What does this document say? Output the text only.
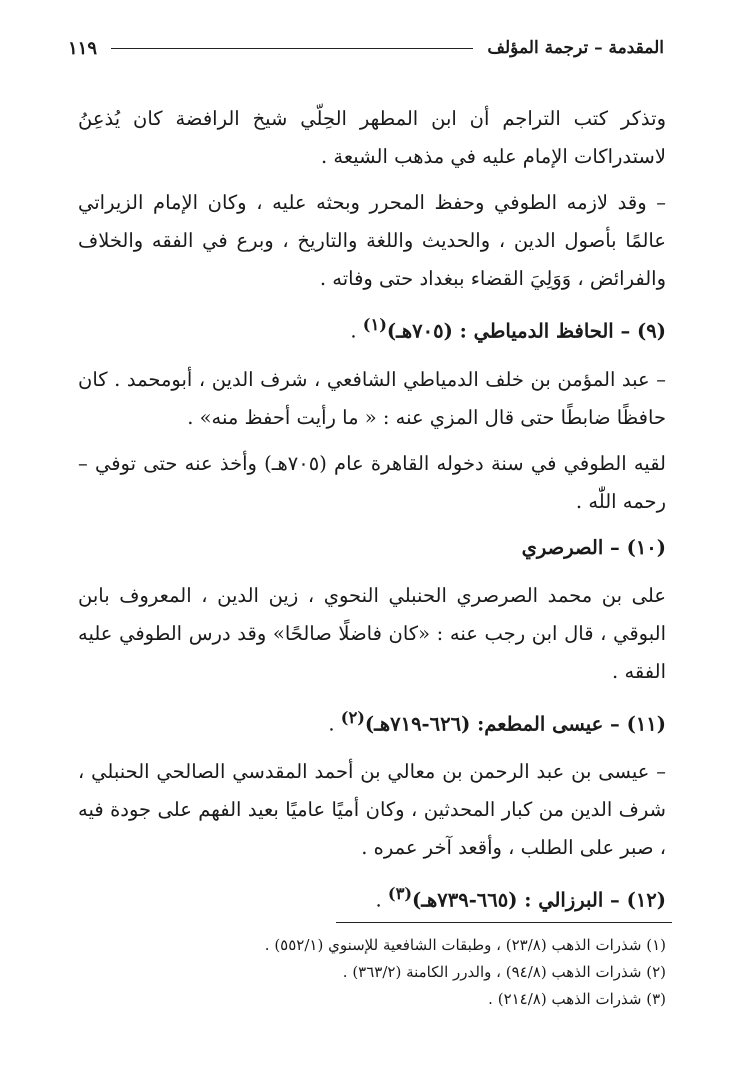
المقدمة – ترجمة المؤلف
١١٩

وتذكر كتب التراجم أن ابن المطهر الحِلّي شيخ الرافضة كان يُذعِنُ لاستدراكات الإمام عليه في مذهب الشيعة .

– وقد لازمه الطوفي وحفظ المحرر وبحثه عليه ، وكان الإمام الزيراتي عالمًا بأصول الدين ، والحديث واللغة والتاريخ ، وبرع في الفقه والخلاف والفرائض ، وَوَلِيَ القضاء ببغداد حتى وفاته .

(٩) – الحافظ الدمياطي : (٧٠٥هـ)$^{(١)}$ .

– عبد المؤمن بن خلف الدمياطي الشافعي ، شرف الدين ، أبومحمد . كان حافظًا ضابطًا حتى قال المزي عنه : « ما رأيت أحفظ منه» .

لقيه الطوفي في سنة دخوله القاهرة عام (٧٠٥هـ) وأخذ عنه حتى توفي – رحمه اللّٰه .

(١٠) – الصرصري

على بن محمد الصرصري الحنبلي النحوي ، زين الدين ، المعروف بابن البوقي ، قال ابن رجب عنه : «كان فاضلًا صالحًا» وقد درس الطوفي عليه الفقه .

(١١) – عيسى المطعم: (٦٢٦-٧١٩هـ)$^{(٢)}$ .

– عيسى بن عبد الرحمن بن معالي بن أحمد المقدسي الصالحي الحنبلي ، شرف الدين من كبار المحدثين ، وكان أميًا عاميًا بعيد الفهم على جودة فيه ، صبر على الطلب ، وأقعد آخر عمره .

(١٢) – البرزالي : (٦٦٥-٧٣٩هـ)$^{(٣)}$ .
(١) شذرات الذهب (٢٣/٨) ، وطبقات الشافعية للإسنوي (٥٥٢/١) .
(٢) شذرات الذهب (٩٤/٨) ، والدرر الكامنة (٣٦٣/٢) .
(٣) شذرات الذهب (٢١٤/٨) .
